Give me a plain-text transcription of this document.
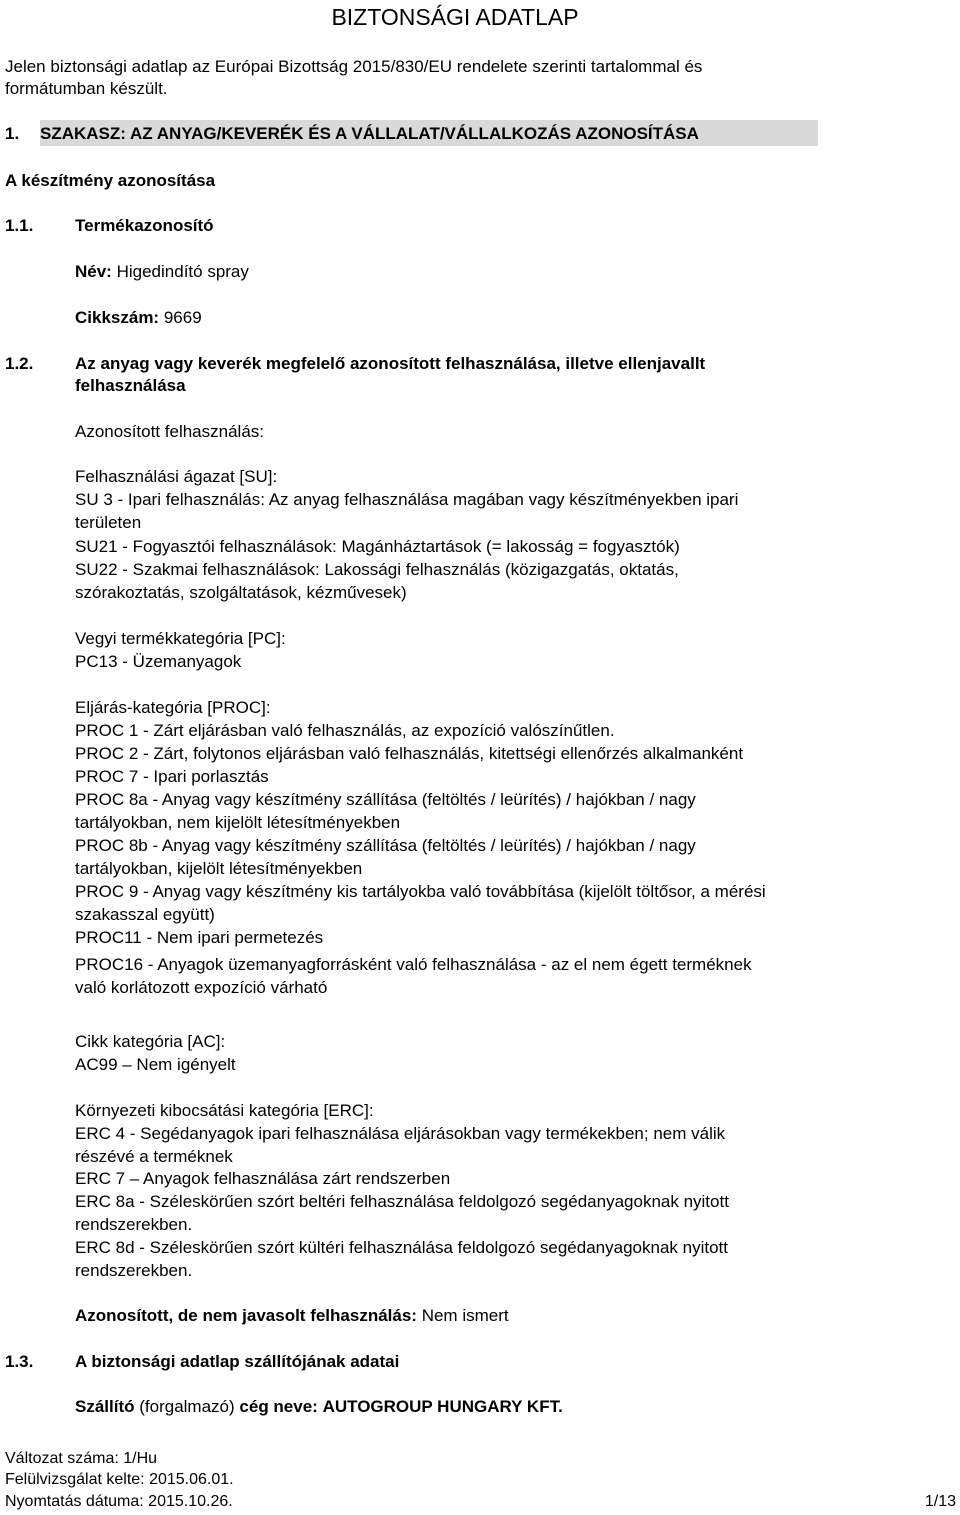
BIZTONSÁGI ADATLAP
Jelen biztonsági adatlap az Európai Bizottság 2015/830/EU rendelete szerinti tartalommal és
formátumban készült.
1. SZAKASZ: AZ ANYAG/KEVERÉK ÉS A VÁLLALAT/VÁLLALKOZÁS AZONOSÍTÁSA
A készítmény azonosítása
1.1. Termékazonosító
Név: Higedindító spray
Cikkszám: 9669
1.2. Az anyag vagy keverék megfelelő azonosított felhasználása, illetve ellenjavallt
felhasználása
Azonosított felhasználás:
Felhasználási ágazat [SU]:
SU 3 - Ipari felhasználás: Az anyag felhasználása magában vagy készítményekben ipari
területen
SU21 - Fogyasztói felhasználások: Magánháztartások (= lakosság = fogyasztók)
SU22 - Szakmai felhasználások: Lakossági felhasználás (közigazgatás, oktatás,
szórakoztatás, szolgáltatások, kézművesek)
Vegyi termékkategória [PC]:
PC13 - Üzemanyagok
Eljárás-kategória [PROC]:
PROC 1 - Zárt eljárásban való felhasználás, az expozíció valószínűtlen.
PROC 2 - Zárt, folytonos eljárásban való felhasználás, kitettségi ellenőrzés alkalmanként
PROC 7 - Ipari porlasztás
PROC 8a - Anyag vagy készítmény szállítása (feltöltés / leürítés) / hajókban / nagy
tartályokban, nem kijelölt létesítményekben
PROC 8b - Anyag vagy készítmény szállítása (feltöltés / leürítés) / hajókban / nagy
tartályokban, kijelölt létesítményekben
PROC 9 - Anyag vagy készítmény kis tartályokba való továbbítása (kijelölt töltősor, a mérési
szakasszal együtt)
PROC11 - Nem ipari permetezés
PROC16 - Anyagok üzemanyagforrásként való felhasználása - az el nem égett terméknek
való korlátozott expozíció várható
Cikk kategória [AC]:
AC99 – Nem igényelt
Környezeti kibocsátási kategória [ERC]:
ERC 4 - Segédanyagok ipari felhasználása eljárásokban vagy termékekben; nem válik
részévé a terméknek
ERC 7 – Anyagok felhasználása zárt rendszerben
ERC 8a - Széleskörűen szórt beltéri felhasználása feldolgozó segédanyagoknak nyitott
rendszerekben.
ERC 8d - Széleskörűen szórt kültéri felhasználása feldolgozó segédanyagoknak nyitott
rendszerekben.
Azonosított, de nem javasolt felhasználás: Nem ismert
1.3. A biztonsági adatlap szállítójának adatai
Szállító (forgalmazó) cég neve: AUTOGROUP HUNGARY KFT.
Változat száma: 1/Hu
Felülvizsgálat kelte: 2015.06.01.
Nyomtatás dátuma: 2015.10.26.	1/13
